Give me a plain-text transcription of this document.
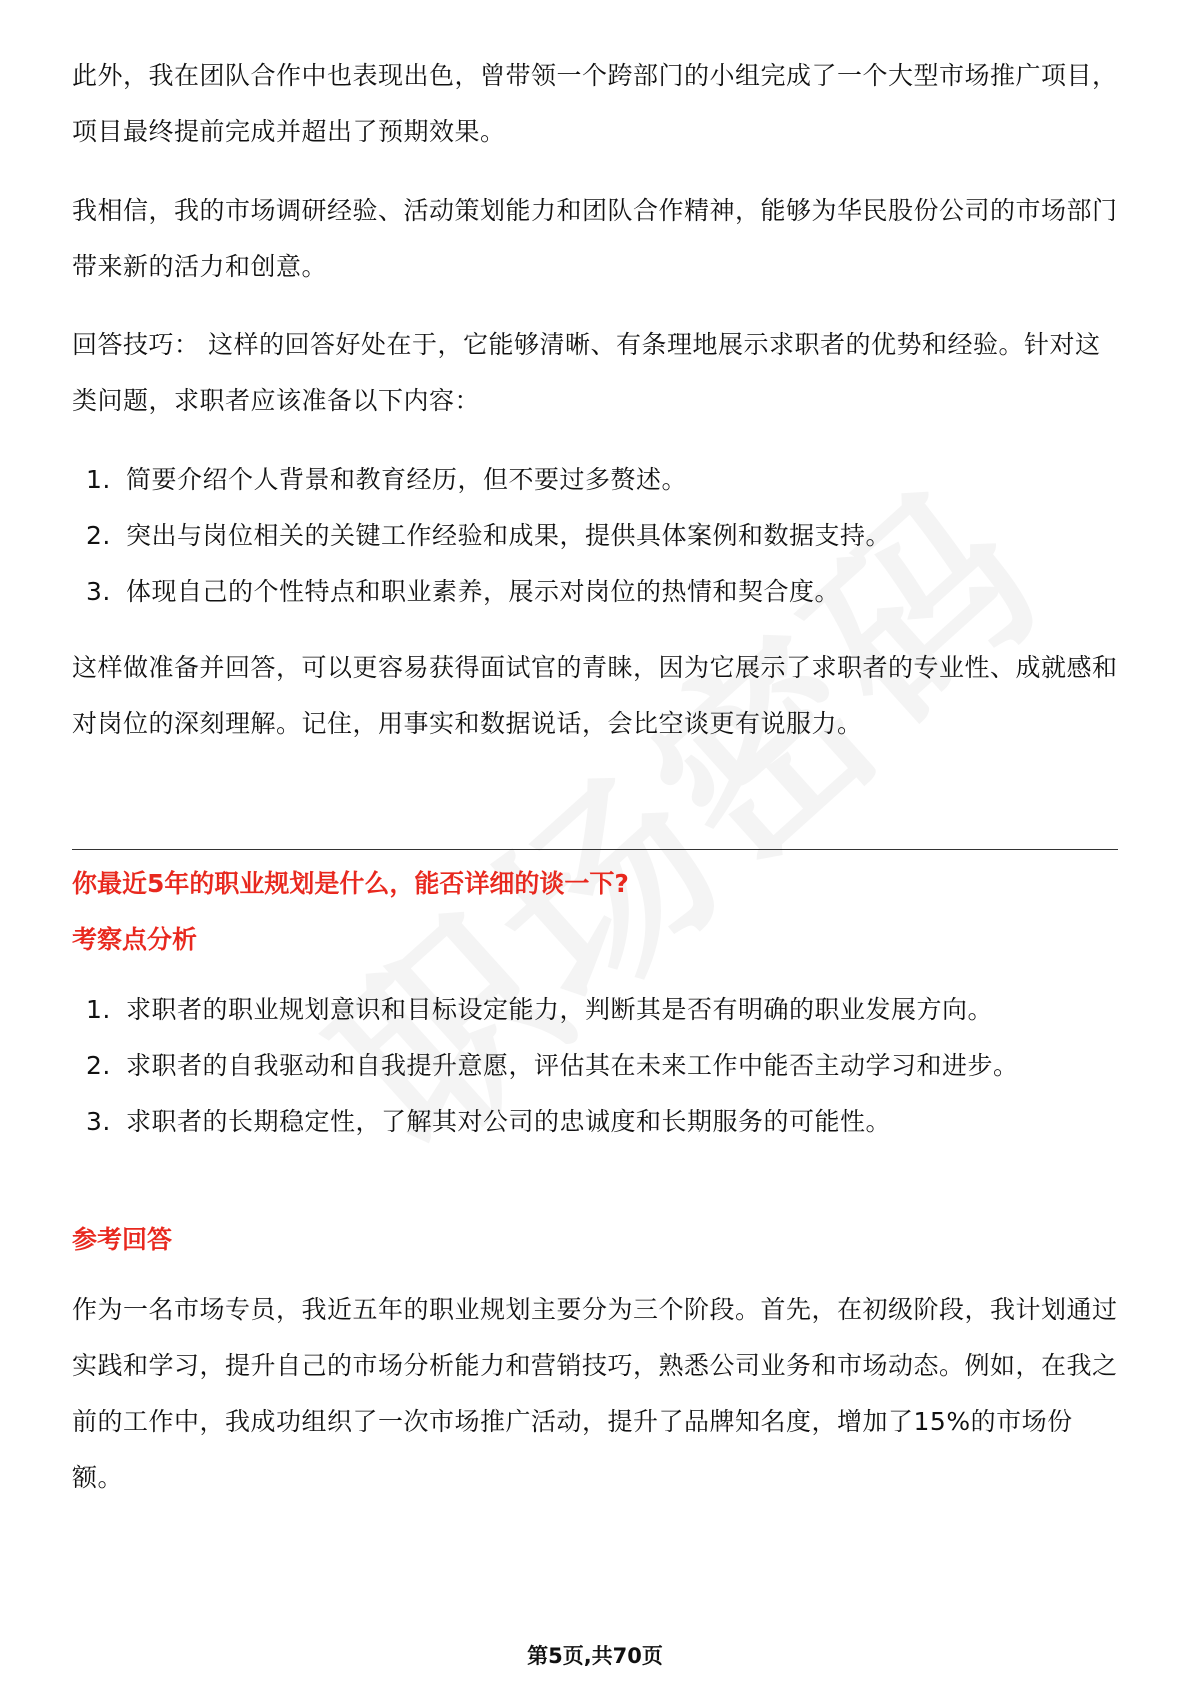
此外，我在团队合作中也表现出色，曾带领一个跨部门的小组完成了一个大型市场推广项目，项目最终提前完成并超出了预期效果。

我相信，我的市场调研经验、活动策划能力和团队合作精神，能够为华民股份公司的市场部门带来新的活力和创意。

回答技巧： 这样的回答好处在于，它能够清晰、有条理地展示求职者的优势和经验。针对这类问题，求职者应该准备以下内容：

1. 简要介绍个人背景和教育经历，但不要过多赘述。
2. 突出与岗位相关的关键工作经验和成果，提供具体案例和数据支持。
3. 体现自己的个性特点和职业素养，展示对岗位的热情和契合度。

这样做准备并回答，可以更容易获得面试官的青睐，因为它展示了求职者的专业性、成就感和对岗位的深刻理解。记住，用事实和数据说话，会比空谈更有说服力。

你最近5年的职业规划是什么，能否详细的谈一下?
考察点分析
1. 求职者的职业规划意识和目标设定能力，判断其是否有明确的职业发展方向。
2. 求职者的自我驱动和自我提升意愿，评估其在未来工作中能否主动学习和进步。
3. 求职者的长期稳定性，了解其对公司的忠诚度和长期服务的可能性。
参考回答

作为一名市场专员，我近五年的职业规划主要分为三个阶段。首先，在初级阶段，我计划通过实践和学习，提升自己的市场分析能力和营销技巧，熟悉公司业务和市场动态。例如，在我之前的工作中，我成功组织了一次市场推广活动，提升了品牌知名度，增加了15%的市场份额。

第5页,共70页
